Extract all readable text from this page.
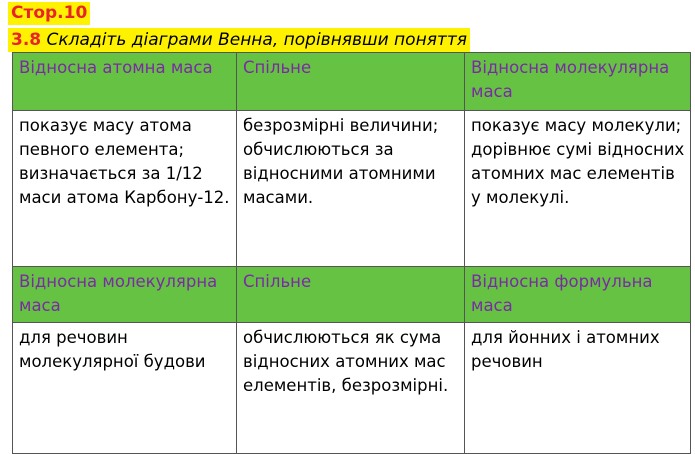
Стор.10
3.8 Складіть діаграми Венна, порівнявши поняття
Відносна атомна маса	Спільне	Відносна молекулярна маса
показує масу атома певного елемента; визначається за 1/12 маси атома Карбону-12.	безрозмірні величини; обчислюються за відносними атомними масами.	показує масу молекули; дорівнює сумі відносних атомних мас елементів у молекулі.
Відносна молекулярна маса	Спільне	Відносна формульна маса
для речовин молекулярної будови	обчислюються як сума відносних атомних мас елементів, безрозмірні.	для йонних і атомних речовин
